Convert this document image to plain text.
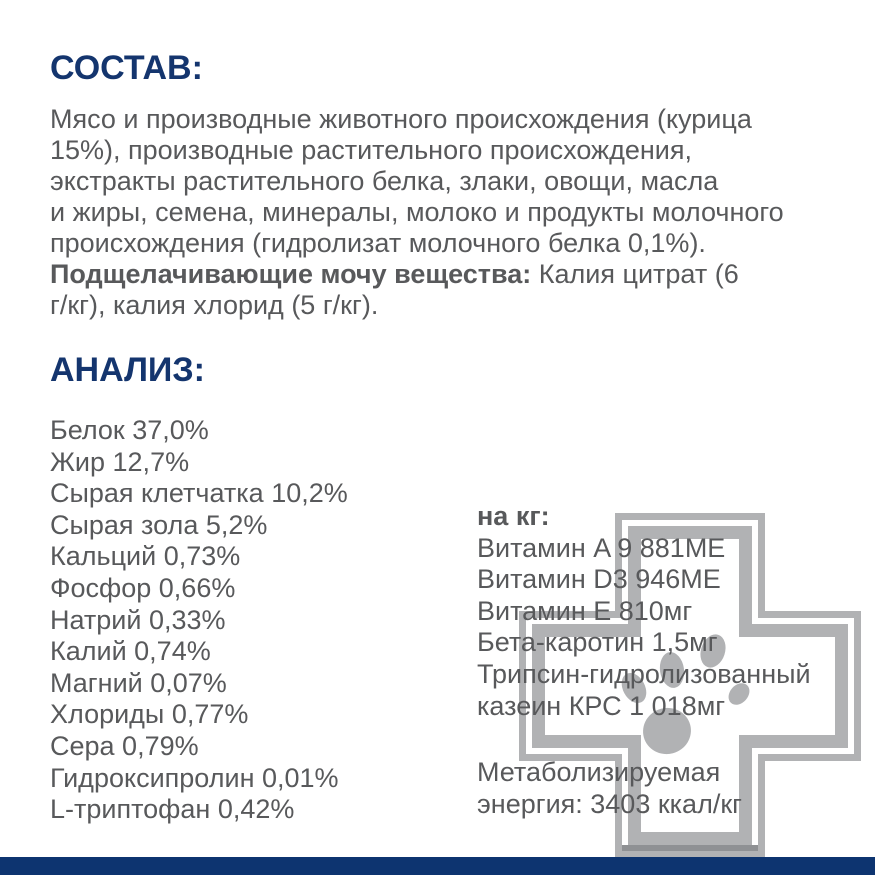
СОСТАВ:
Мясо и производные животного происхождения (курица
15%), производные растительного происхождения,
экстракты растительного белка, злаки, овощи, масла
и жиры, семена, минералы, молоко и продукты молочного
происхождения (гидролизат молочного белка 0,1%).
Подщелачивающие мочу вещества: Калия цитрат (6
г/кг), калия хлорид (5 г/кг).
АНАЛИЗ:
Белок 37,0%
Жир 12,7%
Сырая клетчатка 10,2%
Сырая зола 5,2%
Кальций 0,73%
Фосфор 0,66%
Натрий 0,33%
Калий 0,74%
Магний 0,07%
Хлориды 0,77%
Сера 0,79%
Гидроксипролин 0,01%
L-триптофан 0,42%
на кг:
Витамин A 9 881МЕ
Витамин D3 946МЕ
Витамин E 810мг
Бета-каротин 1,5мг
Трипсин-гидролизованный
казеин КРС 1 018мг
Метаболизируемая
энергия: 3403 ккал/кг
